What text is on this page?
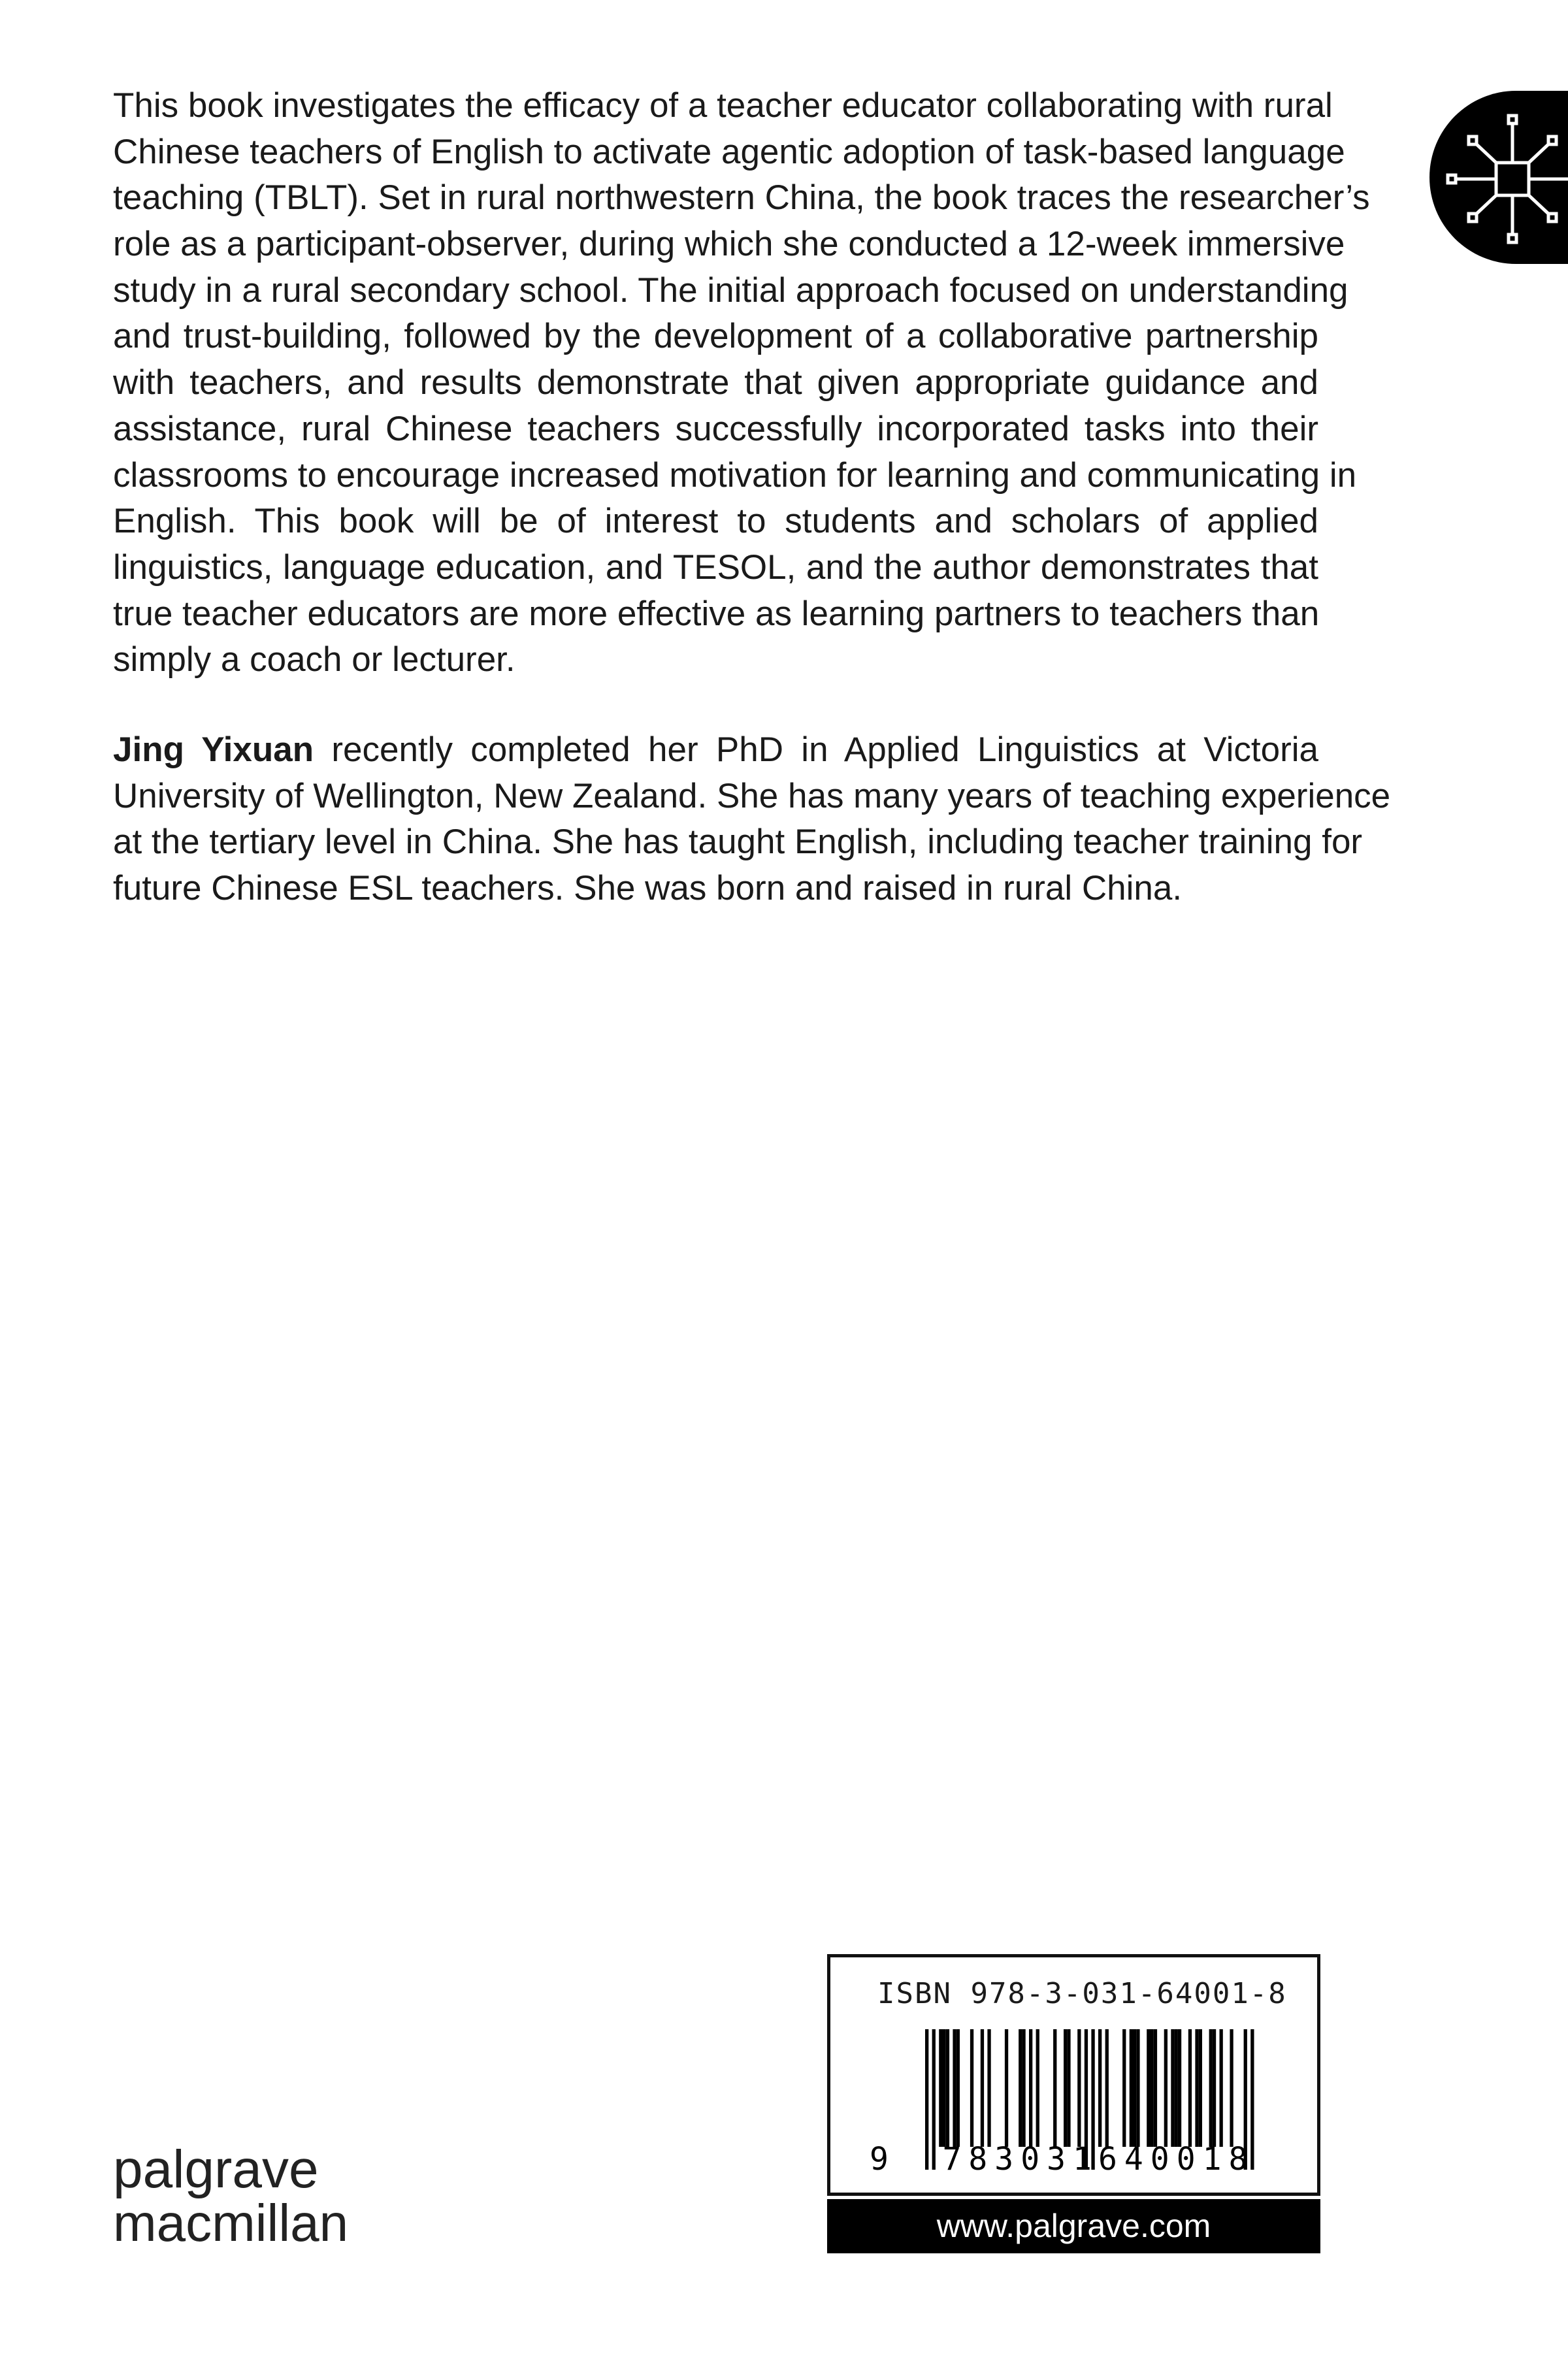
This book investigates the efficacy of a teacher educator collaborating with rural
Chinese teachers of English to activate agentic adoption of task-based language
teaching (TBLT). Set in rural northwestern China, the book traces the researcher’s
role as a participant-observer, during which she conducted a 12-week immersive
study in a rural secondary school. The initial approach focused on understanding
and trust-building, followed by the development of a collaborative partnership
with teachers, and results demonstrate that given appropriate guidance and
assistance, rural Chinese teachers successfully incorporated tasks into their
classrooms to encourage increased motivation for learning and communicating in
English. This book will be of interest to students and scholars of applied
linguistics, language education, and TESOL, and the author demonstrates that
true teacher educators are more effective as learning partners to teachers than
simply a coach or lecturer.
Jing Yixuan recently completed her PhD in Applied Linguistics at Victoria
University of Wellington, New Zealand. She has many years of teaching experience
at the tertiary level in China. She has taught English, including teacher training for
future Chinese ESL teachers. She was born and raised in rural China.
ISBN 978-3-031-64001-8
9 783031 640018
www.palgrave.com
palgrave
macmillan
